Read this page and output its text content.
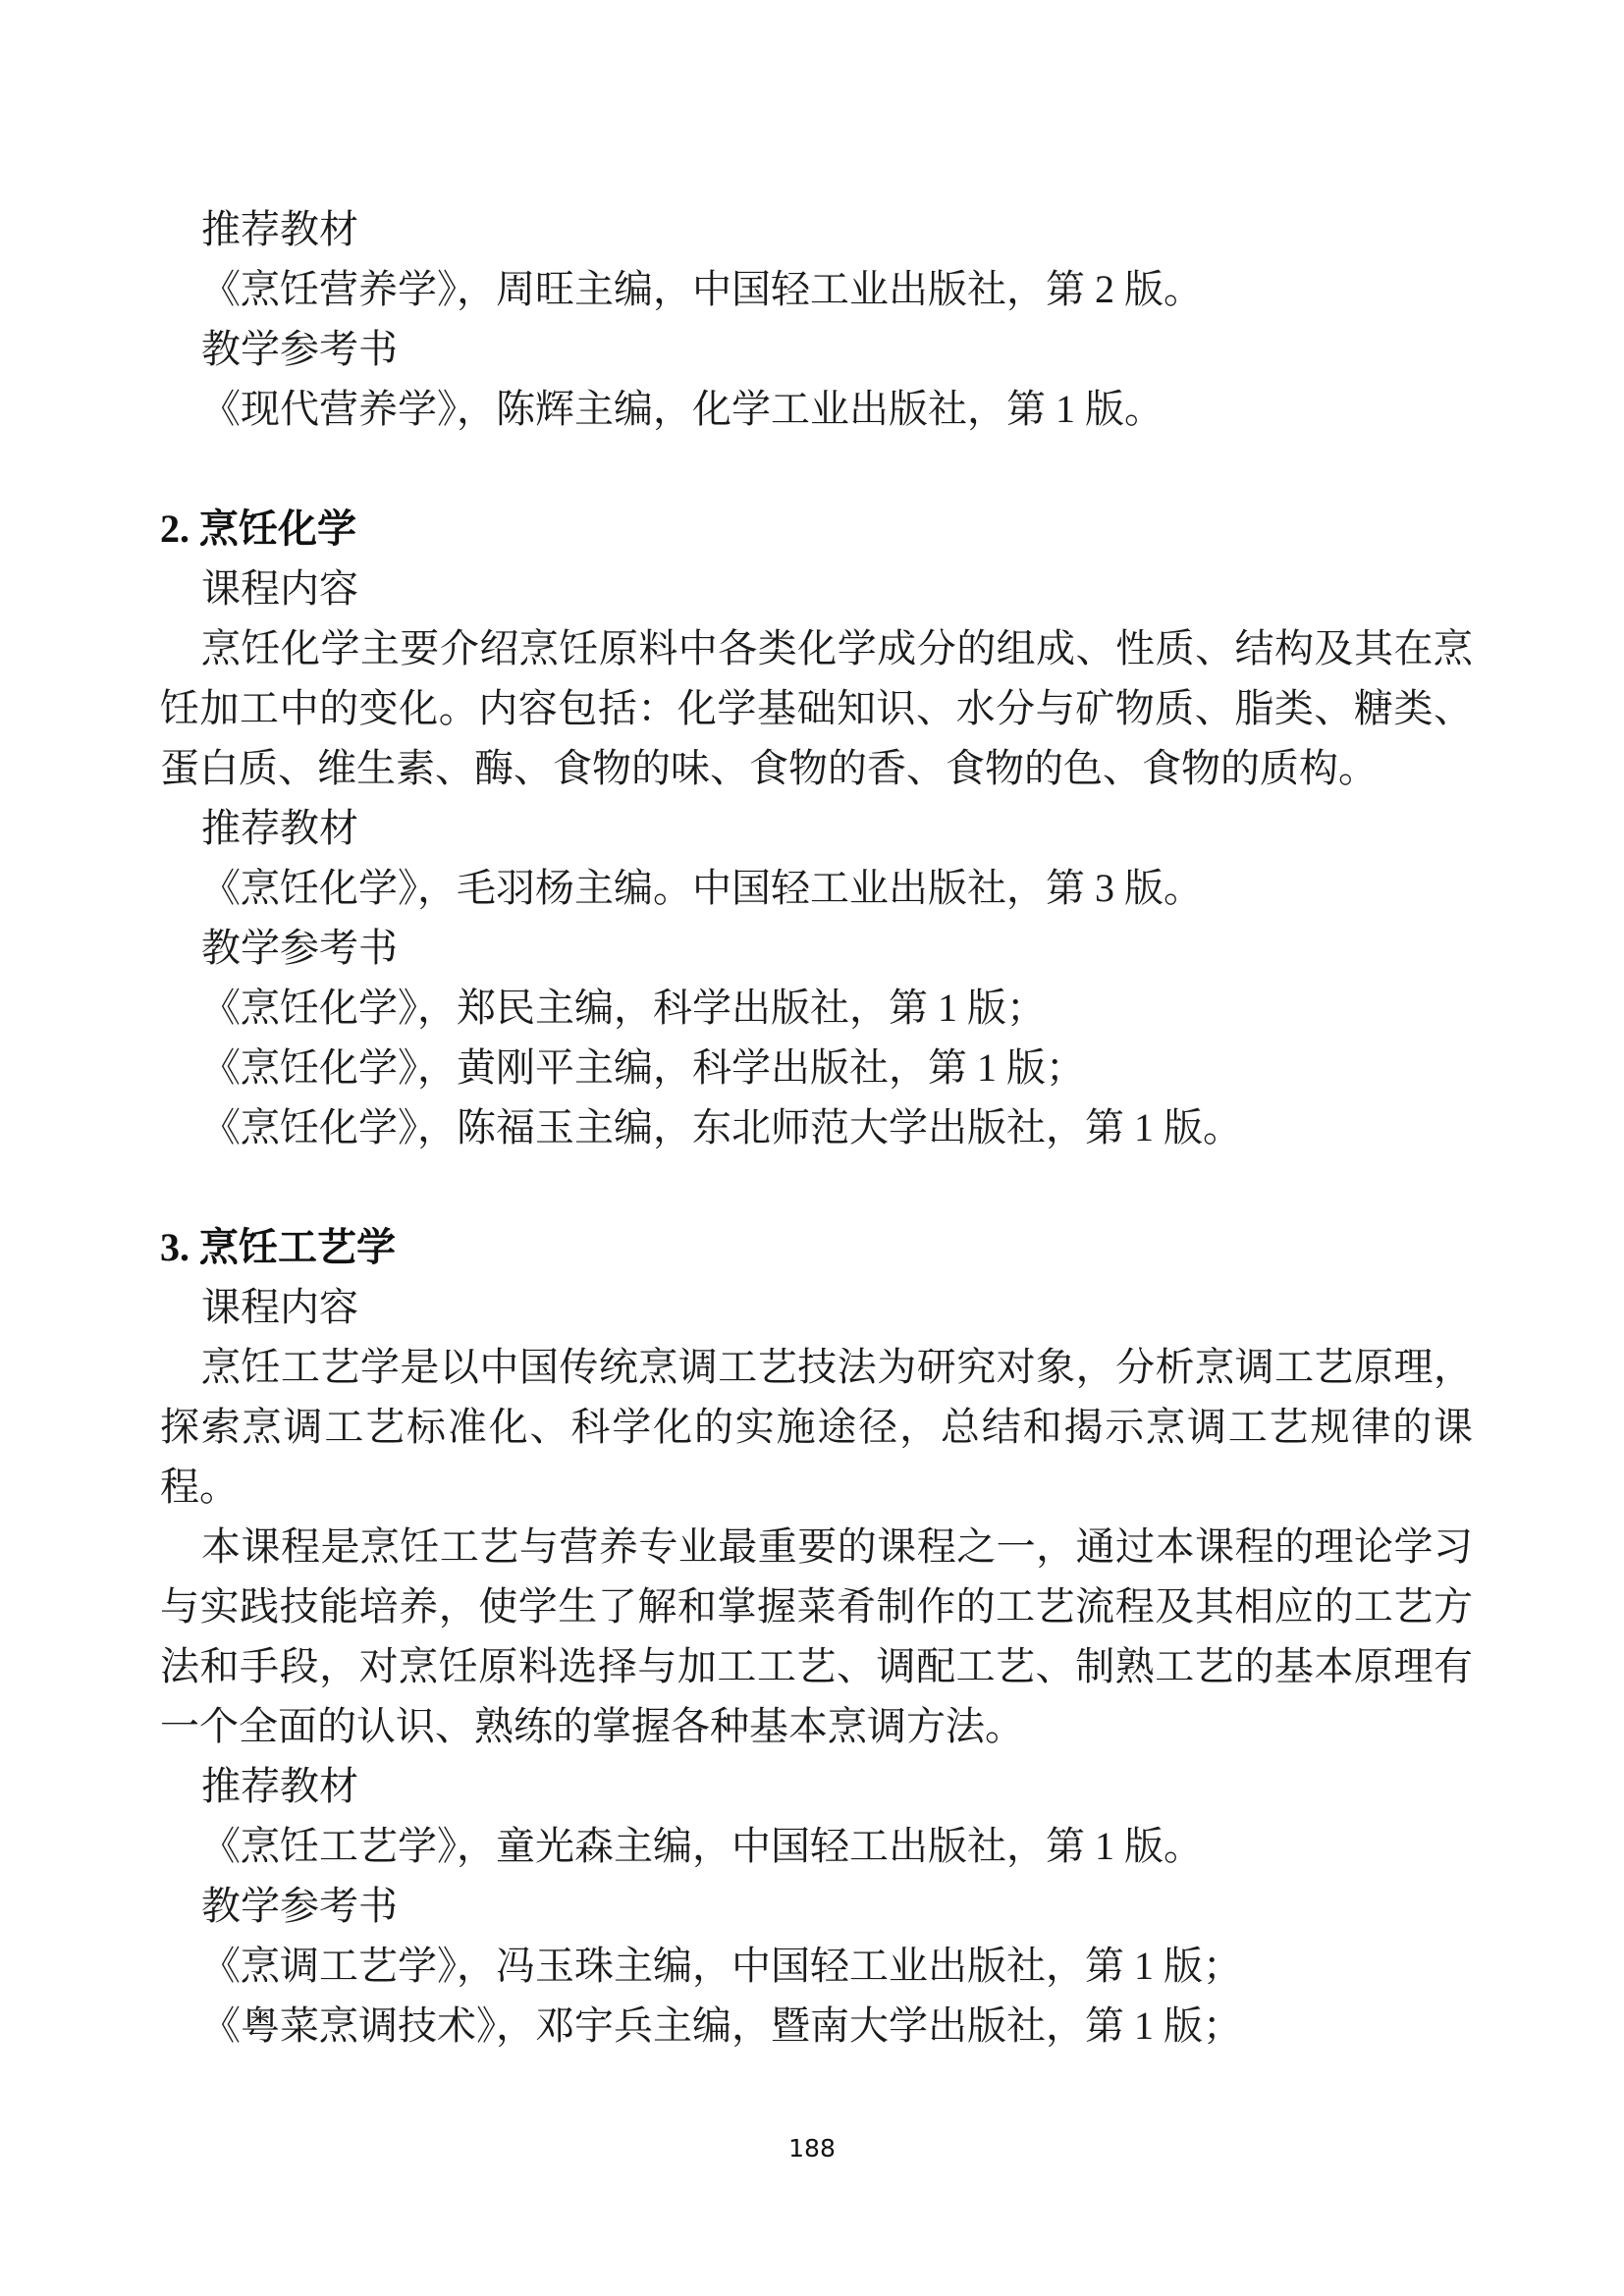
推荐教材

《烹饪营养学》，周旺主编，中国轻工业出版社，第 2 版。

教学参考书

《现代营养学》，陈辉主编，化学工业出版社，第 1 版。

2. 烹饪化学

课程内容

烹饪化学主要介绍烹饪原料中各类化学成分的组成、性质、结构及其在烹饪加工中的变化。内容包括：化学基础知识、水分与矿物质、脂类、糖类、蛋白质、维生素、酶、食物的味、食物的香、食物的色、食物的质构。

推荐教材

《烹饪化学》，毛羽杨主编。中国轻工业出版社，第 3 版。

教学参考书

《烹饪化学》，郑民主编，科学出版社，第 1 版；

《烹饪化学》，黄刚平主编，科学出版社，第 1 版；

《烹饪化学》，陈福玉主编，东北师范大学出版社，第 1 版。

3. 烹饪工艺学

课程内容

烹饪工艺学是以中国传统烹调工艺技法为研究对象，分析烹调工艺原理，探索烹调工艺标准化、科学化的实施途径，总结和揭示烹调工艺规律的课程。

本课程是烹饪工艺与营养专业最重要的课程之一，通过本课程的理论学习与实践技能培养，使学生了解和掌握菜肴制作的工艺流程及其相应的工艺方法和手段，对烹饪原料选择与加工工艺、调配工艺、制熟工艺的基本原理有一个全面的认识、熟练的掌握各种基本烹调方法。

推荐教材

《烹饪工艺学》，童光森主编，中国轻工出版社，第 1 版。

教学参考书

《烹调工艺学》，冯玉珠主编，中国轻工业出版社，第 1 版；

《粤菜烹调技术》，邓宇兵主编，暨南大学出版社，第 1 版；

188
